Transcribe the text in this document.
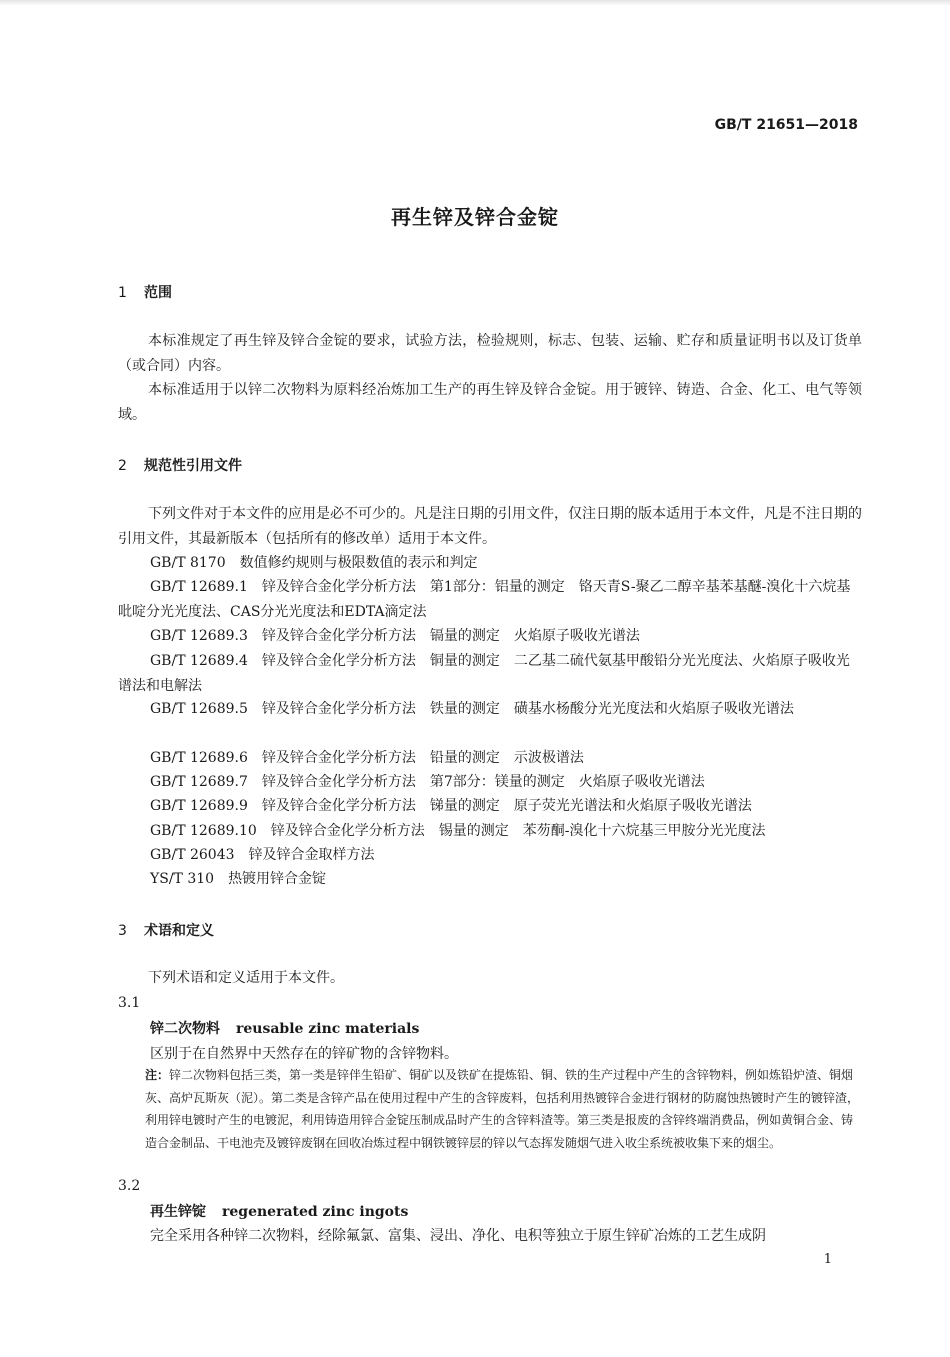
GB/T 21651—2018
再生锌及锌合金锭
1 范围

本标准规定了再生锌及锌合金锭的要求，试验方法，检验规则，标志、包装、运输、贮存和质量证明书以及订货单（或合同）内容。

本标准适用于以锌二次物料为原料经冶炼加工生产的再生锌及锌合金锭。用于镀锌、铸造、合金、化工、电气等领域。

2 规范性引用文件

下列文件对于本文件的应用是必不可少的。凡是注日期的引用文件，仅注日期的版本适用于本文件，凡是不注日期的引用文件，其最新版本（包括所有的修改单）适用于本文件。

GB/T 8170 数值修约规则与极限数值的表示和判定

GB/T 12689.1 锌及锌合金化学分析方法　第1部分：铝量的测定　铬天青S-聚乙二醇辛基苯基醚-溴化十六烷基吡啶分光光度法、CAS分光光度法和EDTA滴定法

GB/T 12689.3 锌及锌合金化学分析方法　镉量的测定　火焰原子吸收光谱法

GB/T 12689.4 锌及锌合金化学分析方法　铜量的测定　二乙基二硫代氨基甲酸铅分光光度法、火焰原子吸收光谱法和电解法

GB/T 12689.5 锌及锌合金化学分析方法　铁量的测定　磺基水杨酸分光光度法和火焰原子吸收光谱法

GB/T 12689.6 锌及锌合金化学分析方法　铅量的测定　示波极谱法

GB/T 12689.7 锌及锌合金化学分析方法　第7部分：镁量的测定　火焰原子吸收光谱法

GB/T 12689.9 锌及锌合金化学分析方法　锑量的测定　原子荧光光谱法和火焰原子吸收光谱法

GB/T 12689.10 锌及锌合金化学分析方法　锡量的测定　苯芴酮-溴化十六烷基三甲胺分光光度法

GB/T 26043 锌及锌合金取样方法

YS/T 310 热镀用锌合金锭

3 术语和定义

下列术语和定义适用于本文件。

3.1
锌二次物料 reusable zinc materials

区别于在自然界中天然存在的锌矿物的含锌物料。

注：锌二次物料包括三类，第一类是锌伴生铅矿、铜矿以及铁矿在提炼铅、铜、铁的生产过程中产生的含锌物料，例如炼铅炉渣、铜烟灰、高炉瓦斯灰（泥）。第二类是含锌产品在使用过程中产生的含锌废料，包括利用热镀锌合金进行钢材的防腐蚀热镀时产生的镀锌渣，利用锌电镀时产生的电镀泥，利用铸造用锌合金锭压制成品时产生的含锌料渣等。第三类是报废的含锌终端消费品，例如黄铜合金、铸造合金制品、干电池壳及镀锌废钢在回收冶炼过程中钢铁镀锌层的锌以气态挥发随烟气进入收尘系统被收集下来的烟尘。

3.2
再生锌锭 regenerated zinc ingots

完全采用各种锌二次物料，经除氟氯、富集、浸出、净化、电积等独立于原生锌矿冶炼的工艺生成阴

1
